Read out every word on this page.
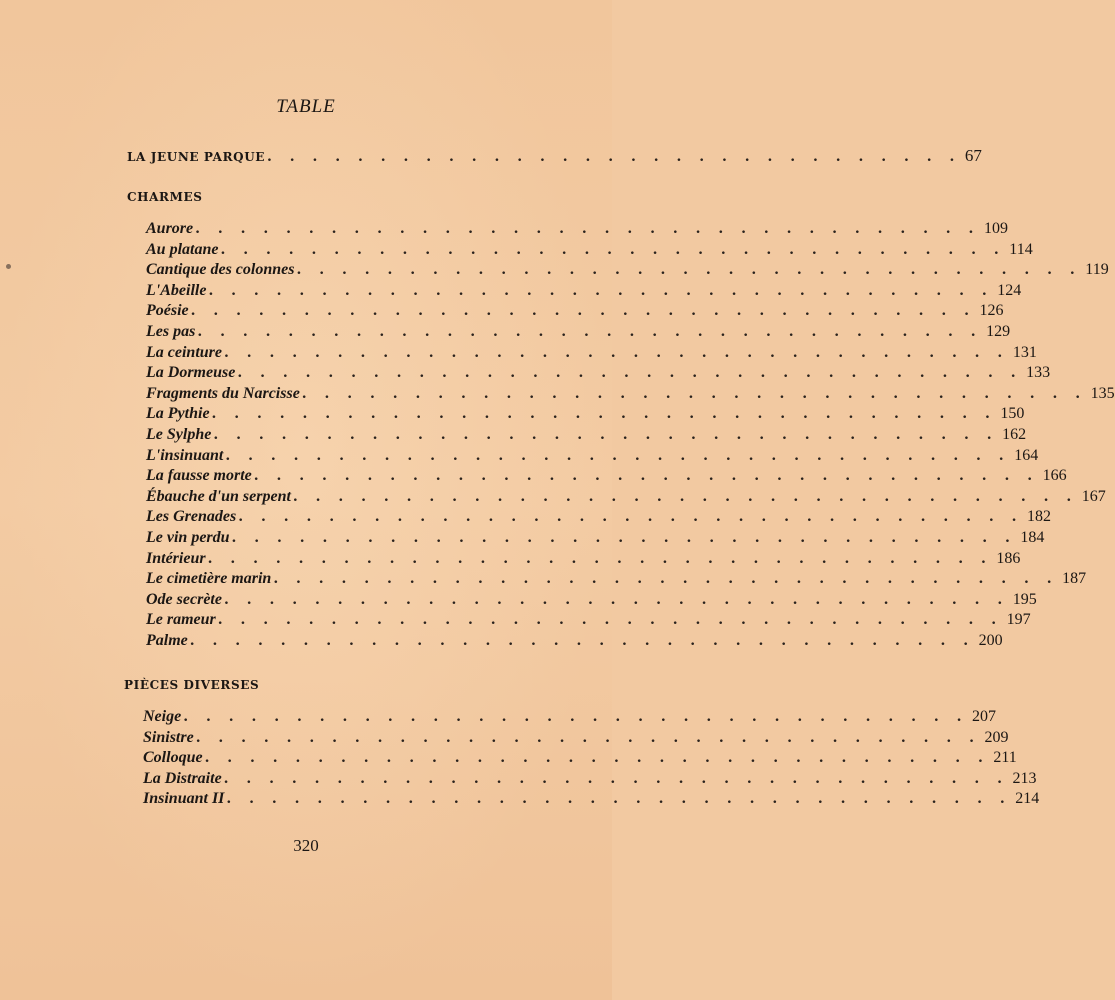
TABLE
LA JEUNE PARQUE . . . . . . . . . . . . . . . . . . . . . . . . . . . . . . . 67
CHARMES
Aurore . . . . . . . . . . . . . . . . . . . . . . . . . . . . . . . . . . . 109
Au platane . . . . . . . . . . . . . . . . . . . . . . . . . . . . . . . . . . . 114
Cantique des colonnes . . . . . . . . . . . . . . . . . . . . . . . . . . . . . . . . . . . 119
L'Abeille . . . . . . . . . . . . . . . . . . . . . . . . . . . . . . . . . . . 124
Poésie . . . . . . . . . . . . . . . . . . . . . . . . . . . . . . . . . . . 126
Les pas . . . . . . . . . . . . . . . . . . . . . . . . . . . . . . . . . . . 129
La ceinture . . . . . . . . . . . . . . . . . . . . . . . . . . . . . . . . . . . 131
La Dormeuse . . . . . . . . . . . . . . . . . . . . . . . . . . . . . . . . . . . 133
Fragments du Narcisse . . . . . . . . . . . . . . . . . . . . . . . . . . . . . . . . . . . 135
La Pythie . . . . . . . . . . . . . . . . . . . . . . . . . . . . . . . . . . . 150
Le Sylphe . . . . . . . . . . . . . . . . . . . . . . . . . . . . . . . . . . . 162
L'insinuant . . . . . . . . . . . . . . . . . . . . . . . . . . . . . . . . . . . 164
La fausse morte . . . . . . . . . . . . . . . . . . . . . . . . . . . . . . . . . . . 166
Ébauche d'un serpent . . . . . . . . . . . . . . . . . . . . . . . . . . . . . . . . . . . 167
Les Grenades . . . . . . . . . . . . . . . . . . . . . . . . . . . . . . . . . . . 182
Le vin perdu . . . . . . . . . . . . . . . . . . . . . . . . . . . . . . . . . . . 184
Intérieur . . . . . . . . . . . . . . . . . . . . . . . . . . . . . . . . . . . 186
Le cimetière marin . . . . . . . . . . . . . . . . . . . . . . . . . . . . . . . . . . . 187
Ode secrète . . . . . . . . . . . . . . . . . . . . . . . . . . . . . . . . . . . 195
Le rameur . . . . . . . . . . . . . . . . . . . . . . . . . . . . . . . . . . . 197
Palme . . . . . . . . . . . . . . . . . . . . . . . . . . . . . . . . . . . 200
PIÈCES DIVERSES
Neige . . . . . . . . . . . . . . . . . . . . . . . . . . . . . . . . . . . 207
Sinistre . . . . . . . . . . . . . . . . . . . . . . . . . . . . . . . . . . . 209
Colloque . . . . . . . . . . . . . . . . . . . . . . . . . . . . . . . . . . . 211
La Distraite . . . . . . . . . . . . . . . . . . . . . . . . . . . . . . . . . . . 213
Insinuant II . . . . . . . . . . . . . . . . . . . . . . . . . . . . . . . . . . . 214
320
